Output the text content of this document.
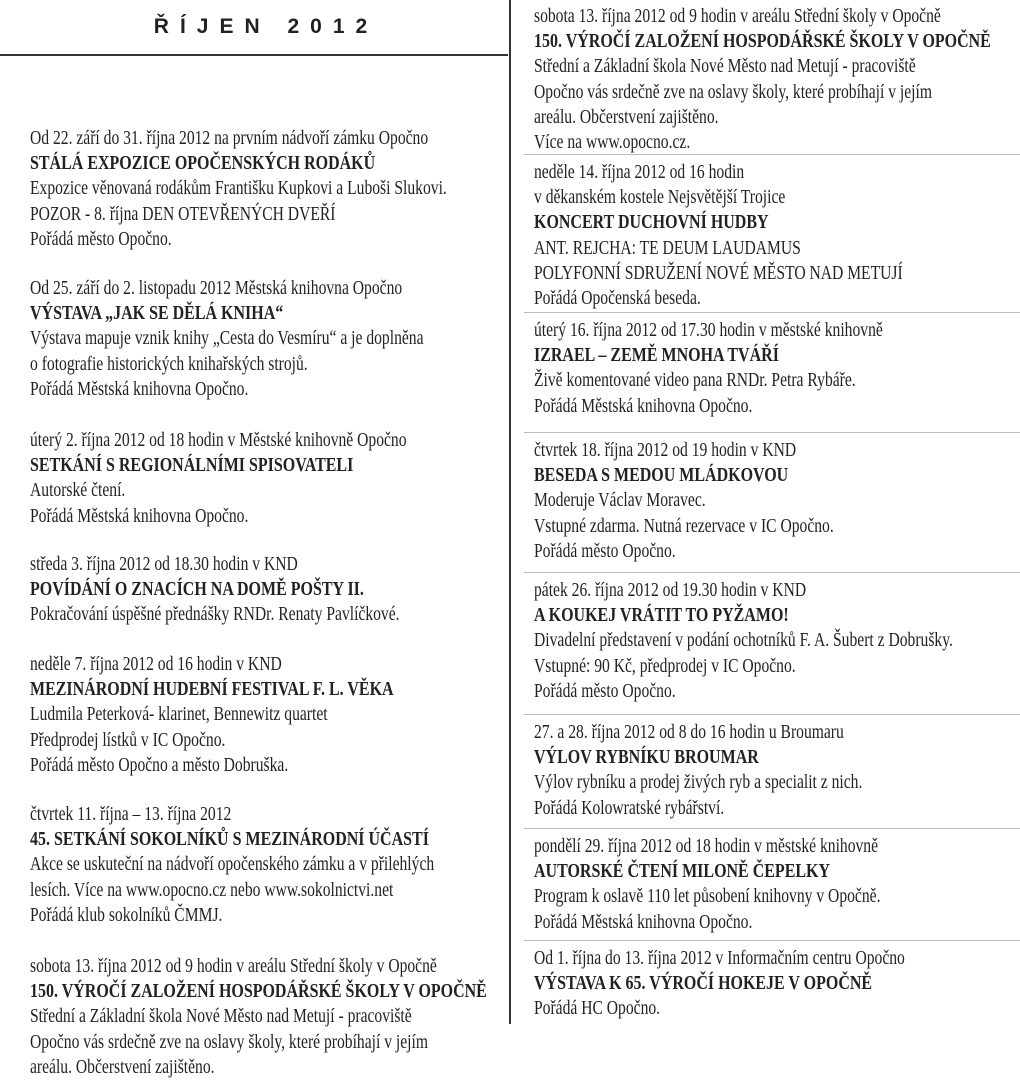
ŘÍJEN 2012
Od 22. září do 31. října 2012 na prvním nádvoří zámku Opočno
STÁLÁ EXPOZICE OPOČENSKÝCH RODÁKŮ
Expozice věnovaná rodákům Františku Kupkovi a Luboši Slukovi.
POZOR - 8. října DEN OTEVŘENÝCH DVEŘÍ
Pořádá město Opočno.
Od 25. září do 2. listopadu 2012 Městská knihovna Opočno
VÝSTAVA „JAK SE DĚLÁ KNIHA“
Výstava mapuje vznik knihy „Cesta do Vesmíru“ a je doplněna
o fotografie historických knihařských strojů.
Pořádá Městská knihovna Opočno.
úterý 2. října 2012 od 18 hodin v Městské knihovně Opočno
SETKÁNÍ S REGIONÁLNÍMI SPISOVATELI
Autorské čtení.
Pořádá Městská knihovna Opočno.
středa 3. října 2012 od 18.30 hodin v KND
POVÍDÁNÍ O ZNACÍCH NA DOMĚ POŠTY II.
Pokračování úspěšné přednášky RNDr. Renaty Pavlíčkové.
neděle 7. října 2012 od 16 hodin v KND
MEZINÁRODNÍ HUDEBNÍ FESTIVAL F. L. VĚKA
Ludmila Peterková- klarinet, Bennewitz quartet
Předprodej lístků v IC Opočno.
Pořádá město Opočno a město Dobruška.
čtvrtek 11. října – 13. října 2012
45. SETKÁNÍ SOKOLNÍKŮ S MEZINÁRODNÍ ÚČASTÍ
Akce se uskuteční na nádvoří opočenského zámku a v přilehlých
lesích. Více na www.opocno.cz nebo www.sokolnictvi.net
Pořádá klub sokolníků ČMMJ.
sobota 13. října 2012 od 9 hodin v areálu Střední školy v Opočně
150. VÝROČÍ ZALOŽENÍ HOSPODÁŘSKÉ ŠKOLY V OPOČNĚ
Střední a Základní škola Nové Město nad Metují - pracoviště
Opočno vás srdečně zve na oslavy školy, které probíhají v jejím
areálu. Občerstvení zajištěno.
sobota 13. října 2012 od 9 hodin v areálu Střední školy v Opočně
150. VÝROČÍ ZALOŽENÍ HOSPODÁŘSKÉ ŠKOLY V OPOČNĚ
Střední a Základní škola Nové Město nad Metují - pracoviště
Opočno vás srdečně zve na oslavy školy, které probíhají v jejím
areálu. Občerstvení zajištěno.
Více na www.opocno.cz.
neděle 14. října 2012 od 16 hodin
v děkanském kostele Nejsvětější Trojice
KONCERT DUCHOVNÍ HUDBY
ANT. REJCHA: TE DEUM LAUDAMUS
POLYFONNÍ SDRUŽENÍ NOVÉ MĚSTO NAD METUJÍ
Pořádá Opočenská beseda.
úterý 16. října 2012 od 17.30 hodin v městské knihovně
IZRAEL – ZEMĚ MNOHA TVÁŘÍ
Živě komentované video pana RNDr. Petra Rybáře.
Pořádá Městská knihovna Opočno.
čtvrtek 18. října 2012 od 19 hodin v KND
BESEDA S MEDOU MLÁDKOVOU
Moderuje Václav Moravec.
Vstupné zdarma. Nutná rezervace v IC Opočno.
Pořádá město Opočno.
pátek 26. října 2012 od 19.30 hodin v KND
A KOUKEJ VRÁTIT TO PYŽAMO!
Divadelní představení v podání ochotníků F. A. Šubert z Dobrušky.
Vstupné: 90 Kč, předprodej v IC Opočno.
Pořádá město Opočno.
27. a 28. října 2012 od 8 do 16 hodin u Broumaru
VÝLOV RYBNÍKU BROUMAR
Výlov rybníku a prodej živých ryb a specialit z nich.
Pořádá Kolowratské rybářství.
pondělí 29. října 2012 od 18 hodin v městské knihovně
AUTORSKÉ ČTENÍ MILONĚ ČEPELKY
Program k oslavě 110 let působení knihovny v Opočně.
Pořádá Městská knihovna Opočno.
Od 1. října do 13. října 2012 v Informačním centru Opočno
VÝSTAVA K 65. VÝROČÍ HOKEJE V OPOČNĚ
Pořádá HC Opočno.
